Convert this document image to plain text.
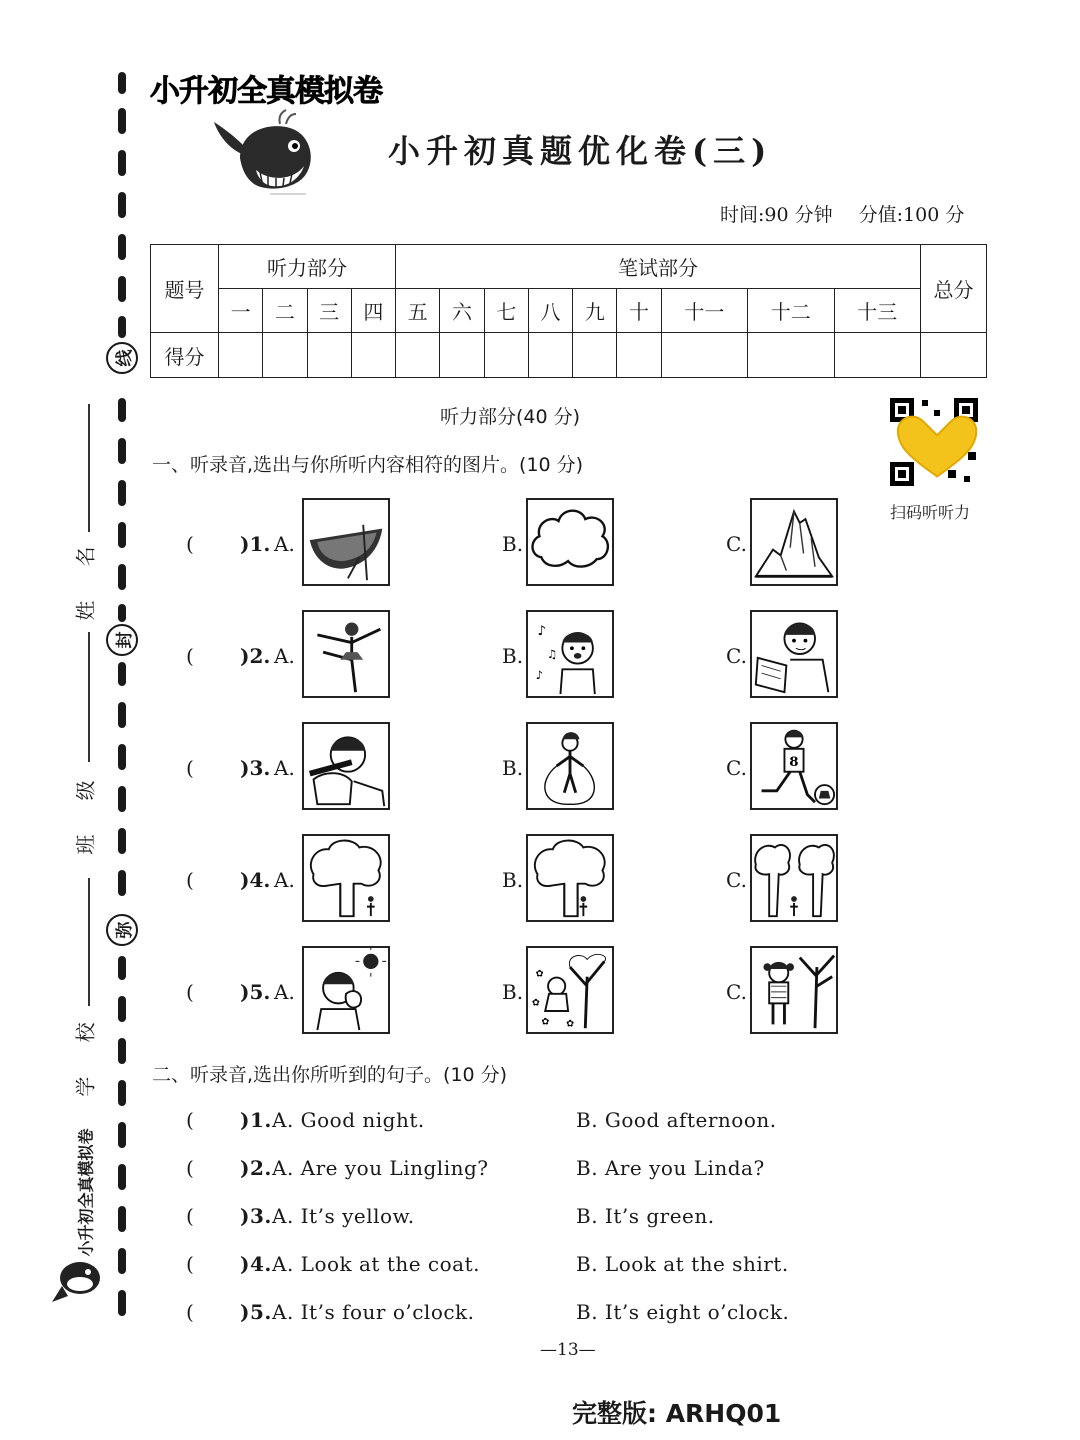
线
封
弥
姓 名
班 级
学 校
小升初全真模拟卷
小升初全真模拟卷
小升初真题优化卷(三)
时间:90 分钟 分值:100 分
题号	听力部分				笔试部分									总分
	一	二	三	四	五	六	七	八	九	十	十一	十二	十三	
得分														
听力部分(40 分)
扫码听听力
一、听录音,选出与你所听内容相符的图片。(10 分)
( )1. A.	B.	C.
( )2. A.	B.
♪
♫
♪
C.
( )3. A.	B.	C.	8
( )4. A.	B.	C.
( )5. A.	B.
✿
✿ ✿
✿	C.
二、听录音,选出你所听到的句子。(10 分)
( )1. A. Good night.	B. Good afternoon.
( )2. A. Are you Lingling?	B. Are you Linda?
( )3. A. It’s yellow.	B. It’s green.
( )4. A. Look at the coat.	B. Look at the shirt.
( )5. A. It’s four o’clock.	B. It’s eight o’clock.
—13—
完整版: ARHQ01
